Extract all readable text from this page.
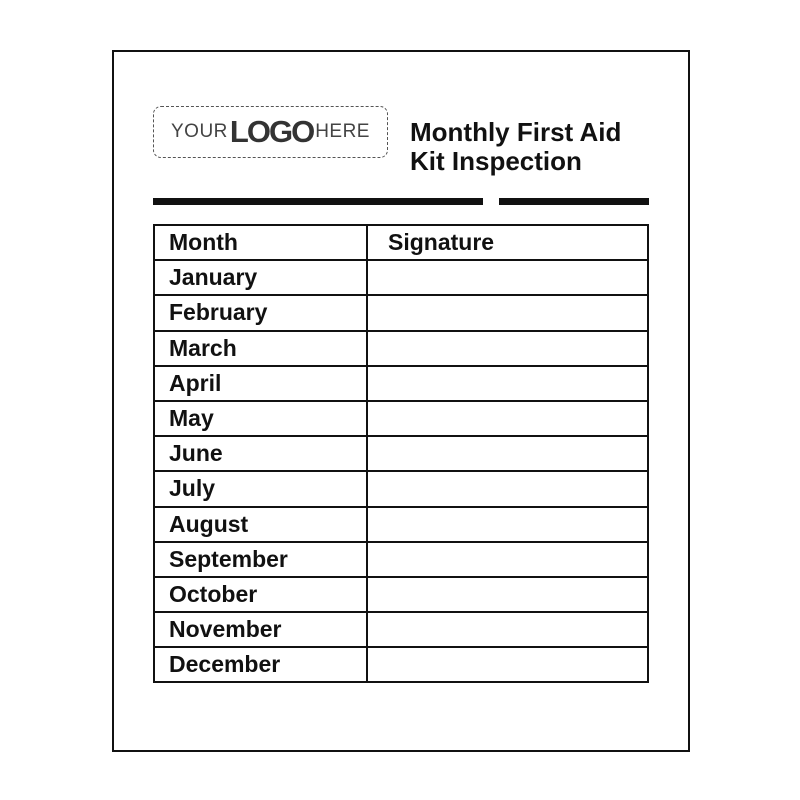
YOUR LOGO HERE Monthly First Aid
Kit Inspection
Month	Signature
January	
February	
March	
April	
May	
June	
July	
August	
September	
October	
November	
December	
